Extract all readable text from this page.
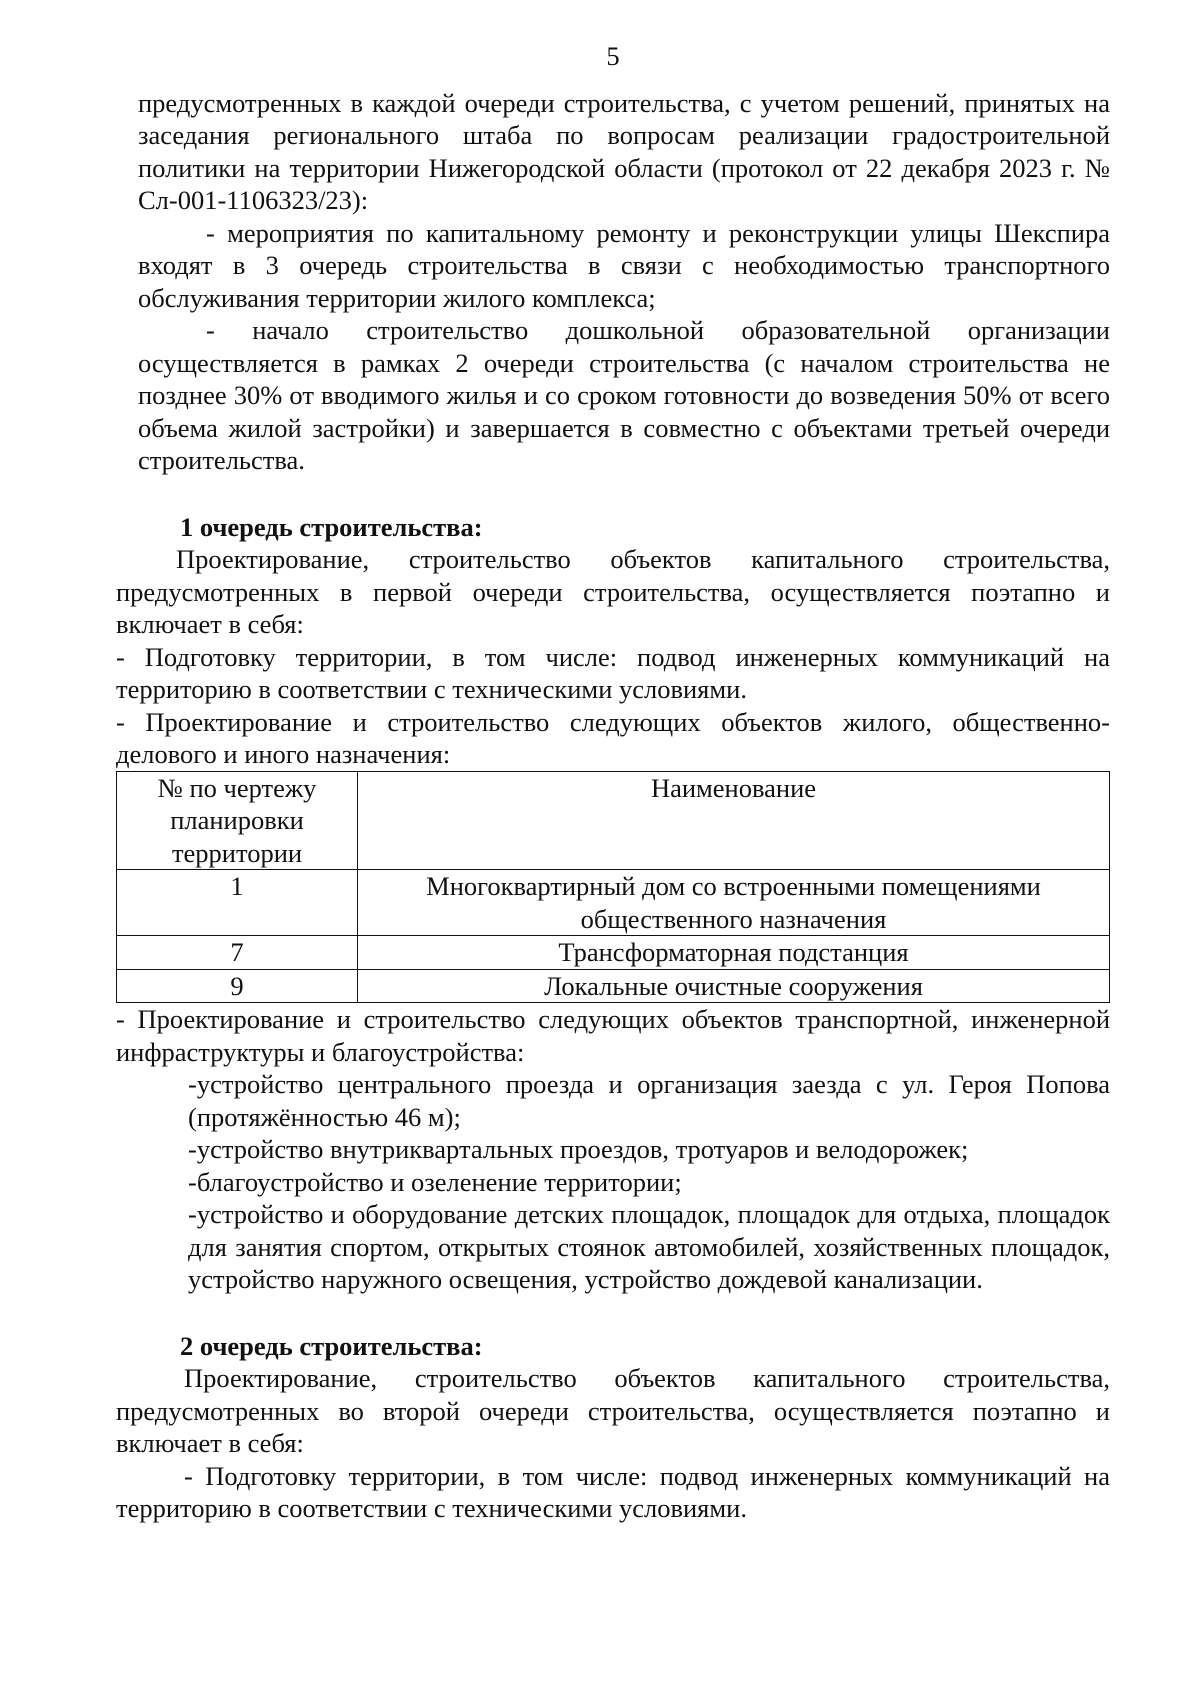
5

предусмотренных в каждой очереди строительства, с учетом решений, принятых на заседания регионального штаба по вопросам реализации градостроительной политики на территории Нижегородской области (протокол от 22 декабря 2023 г. № Сл-001-1106323/23):

- мероприятия по капитальному ремонту и реконструкции улицы Шекспира входят в 3 очередь строительства в связи с необходимостью транспортного обслуживания территории жилого комплекса;

- начало строительство дошкольной образовательной организации осуществляется в рамках 2 очереди строительства (с началом строительства не позднее 30% от вводимого жилья и со сроком готовности до возведения 50% от всего объема жилой застройки) и завершается в совместно с объектами третьей очереди строительства.

1 очередь строительства:

Проектирование, строительство объектов капитального строительства, предусмотренных в первой очереди строительства, осуществляется поэтапно и включает в себя:

- Подготовку территории, в том числе: подвод инженерных коммуникаций на территорию в соответствии с техническими условиями.

- Проектирование и строительство следующих объектов жилого, общественно-делового и иного назначения:

№ по чертежу планировки территории	Наименование
1	Многоквартирный дом со встроенными помещениями общественного назначения
7	Трансформаторная подстанция
9	Локальные очистные сооружения

- Проектирование и строительство следующих объектов транспортной, инженерной инфраструктуры и благоустройства:

-устройство центрального проезда и организация заезда с ул. Героя Попова (протяжённостью 46 м);

-устройство внутриквартальных проездов, тротуаров и велодорожек;

-благоустройство и озеленение территории;

-устройство и оборудование детских площадок, площадок для отдыха, площадок для занятия спортом, открытых стоянок автомобилей, хозяйственных площадок, устройство наружного освещения, устройство дождевой канализации.

2 очередь строительства:

Проектирование, строительство объектов капитального строительства, предусмотренных во второй очереди строительства, осуществляется поэтапно и включает в себя:

- Подготовку территории, в том числе: подвод инженерных коммуникаций на территорию в соответствии с техническими условиями.
